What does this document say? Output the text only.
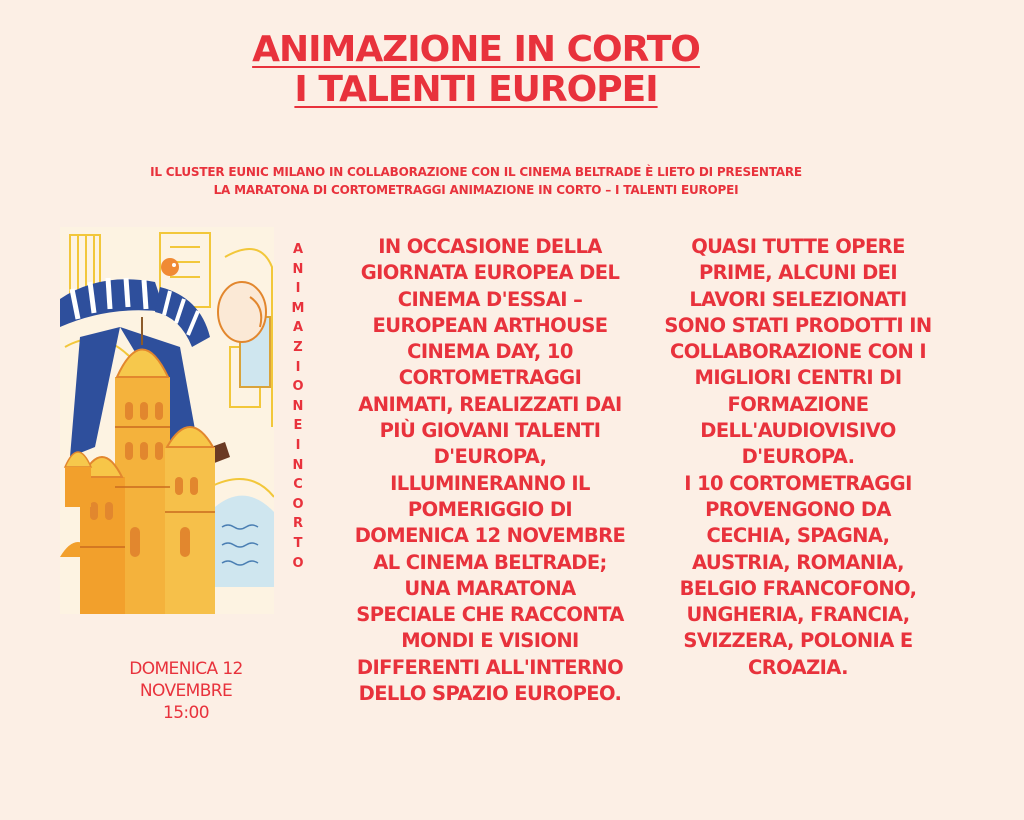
ANIMAZIONE IN CORTO
I TALENTI EUROPEI
IL CLUSTER EUNIC MILANO IN COLLABORAZIONE CON IL CINEMA BELTRADE È LIETO DI PRESENTARE
LA MARATONA DI CORTOMETRAGGI ANIMAZIONE IN CORTO – I TALENTI EUROPEI
A
N
I
M
A
Z
I
O
N
E
I
N
C
O
R
T
O
DOMENICA 12
NOVEMBRE
15:00
IN OCCASIONE DELLA GIORNATA EUROPEA DEL CINEMA D'ESSAI – EUROPEAN ARTHOUSE CINEMA DAY, 10 CORTOMETRAGGI ANIMATI, REALIZZATI DAI PIÙ GIOVANI TALENTI D'EUROPA, ILLUMINERANNO IL POMERIGGIO DI DOMENICA 12 NOVEMBRE AL CINEMA BELTRADE; UNA MARATONA SPECIALE CHE RACCONTA MONDI E VISIONI DIFFERENTI ALL'INTERNO DELLO SPAZIO EUROPEO.
QUASI TUTTE OPERE PRIME, ALCUNI DEI LAVORI SELEZIONATI SONO STATI PRODOTTI IN COLLABORAZIONE CON I MIGLIORI CENTRI DI FORMAZIONE DELL'AUDIOVISIVO D'EUROPA.
I 10 CORTOMETRAGGI PROVENGONO DA CECHIA, SPAGNA, AUSTRIA, ROMANIA, BELGIO FRANCOFONO, UNGHERIA, FRANCIA, SVIZZERA, POLONIA E CROAZIA.
